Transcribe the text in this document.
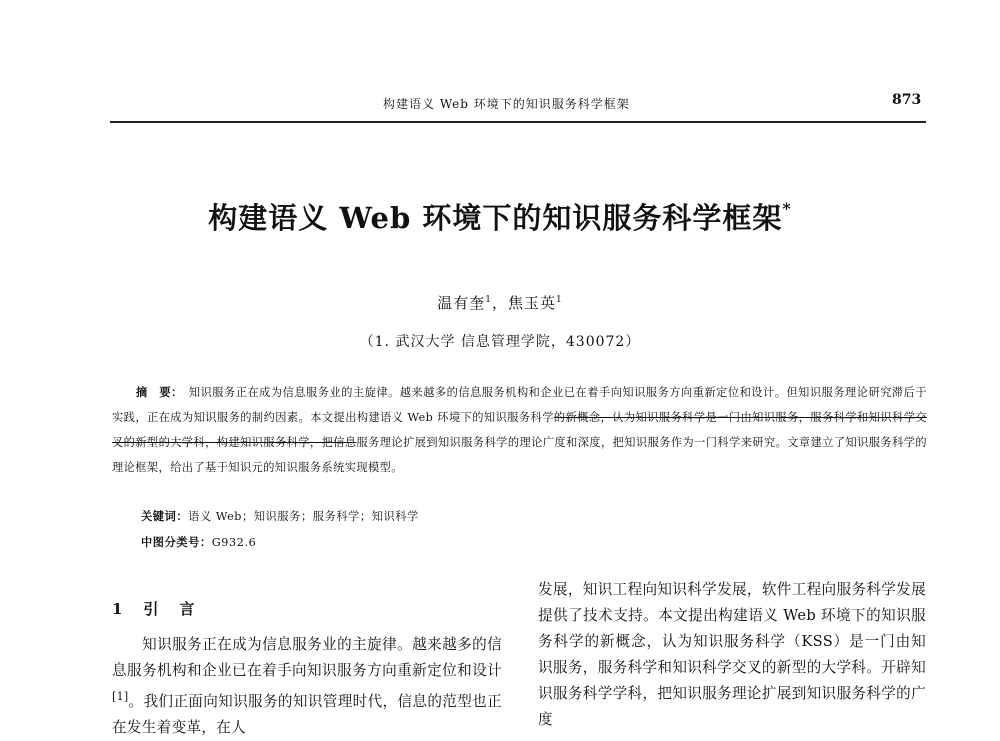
构建语义 Web 环境下的知识服务科学框架	873
构建语义 Web 环境下的知识服务科学框架*
温有奎$^1$，焦玉英$^1$
（1. 武汉大学 信息管理学院，430072）
摘　要： 知识服务正在成为信息服务业的主旋律。越来越多的信息服务机构和企业已在着手向知识服务方向重新定位和设计。但知识服务理论研究滞后于实践，正在成为知识服务的制约因素。本文提出构建语义 Web 环境下的知识服务科学的新概念，认为知识服务科学是一门由知识服务，服务科学和知识科学交叉的新型的大学科，构建知识服务科学，把信息服务理论扩展到知识服务科学的理论广度和深度，把知识服务作为一门科学来研究。文章建立了知识服务科学的理论框架，给出了基于知识元的知识服务系统实现模型。
关键词：语义 Web；知识服务；服务科学；知识科学
中图分类号：G932.6
1　引　言
知识服务正在成为信息服务业的主旋律。越来越多的信息服务机构和企业已在着手向知识服务方向重新定位和设计[1]。我们正面向知识服务的知识管理时代，信息的范型也正在发生着变革，在人
发展，知识工程向知识科学发展，软件工程向服务科学发展提供了技术支持。本文提出构建语义 Web 环境下的知识服务科学的新概念，认为知识服务科学（KSS）是一门由知识服务，服务科学和知识科学交叉的新型的大学科。开辟知识服务科学学科，把知识服务理论扩展到知识服务科学的广度
